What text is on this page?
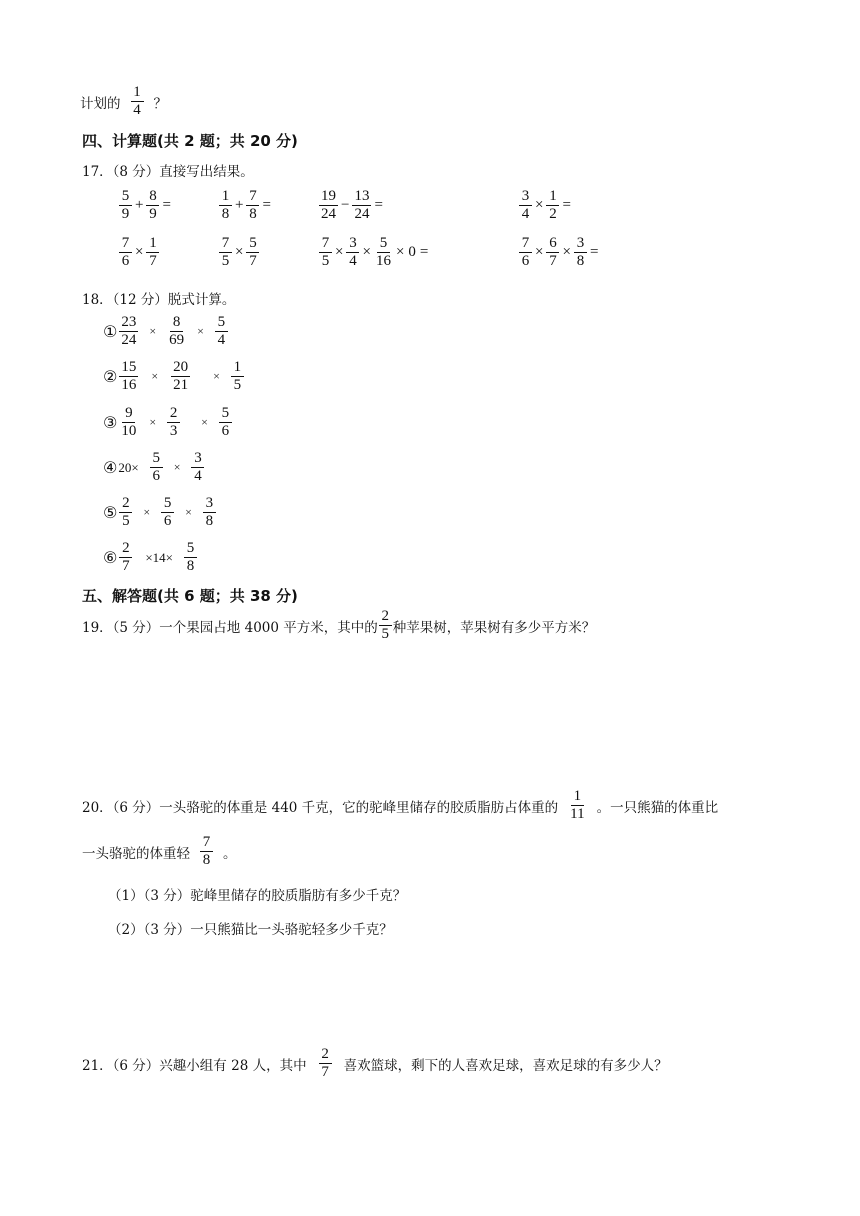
计划的 $\frac{1}{4}$ ？
四、计算题(共 2 题；共 20 分)
17．（8 分）直接写出结果。
$\frac{5}{9} + \frac{8}{9}$ =	$\frac{1}{8} + \frac{7}{8}$ =	$\frac{19}{24} - \frac{13}{24}$ =	$\frac{3}{4} \times \frac{1}{2}$ =
$\frac{7}{6} \times \frac{1}{7}$	$\frac{7}{5} \times \frac{5}{7}$	$\frac{7}{5} \times \frac{3}{4} \times \frac{5}{16} \times 0$ =	$\frac{7}{6} \times \frac{6}{7} \times \frac{3}{8}$ =
18．（12 分）脱式计算。
① $\frac{23}{24} \times \frac{8}{69} \times \frac{5}{4}$
② $\frac{15}{16} \times \frac{20}{21} \times \frac{1}{5}$
③ $\frac{9}{10} \times \frac{2}{3} \times \frac{5}{6}$
④ $20\times \frac{5}{6} \times \frac{3}{4}$
⑤ $\frac{2}{5} \times \frac{5}{6} \times \frac{3}{8}$
⑥ $\frac{2}{7} \times 14\times \frac{5}{8}$
五、解答题(共 6 题；共 38 分)
19．（5 分）一个果园占地 4000 平方米，其中的 $\frac{2}{5}$ 种苹果树，苹果树有多少平方米？
20．（6 分）一头骆驼的体重是 440 千克，它的驼峰里储存的胶质脂肪占体重的 $\frac{1}{11}$ 。一只熊猫的体重比
一头骆驼的体重轻 $\frac{7}{8}$ 。
（1）（3 分）驼峰里储存的胶质脂肪有多少千克？
（2）（3 分）一只熊猫比一头骆驼轻多少千克？
21．（6 分）兴趣小组有 28 人，其中 $\frac{2}{7}$ 喜欢篮球，剩下的人喜欢足球，喜欢足球的有多少人？
